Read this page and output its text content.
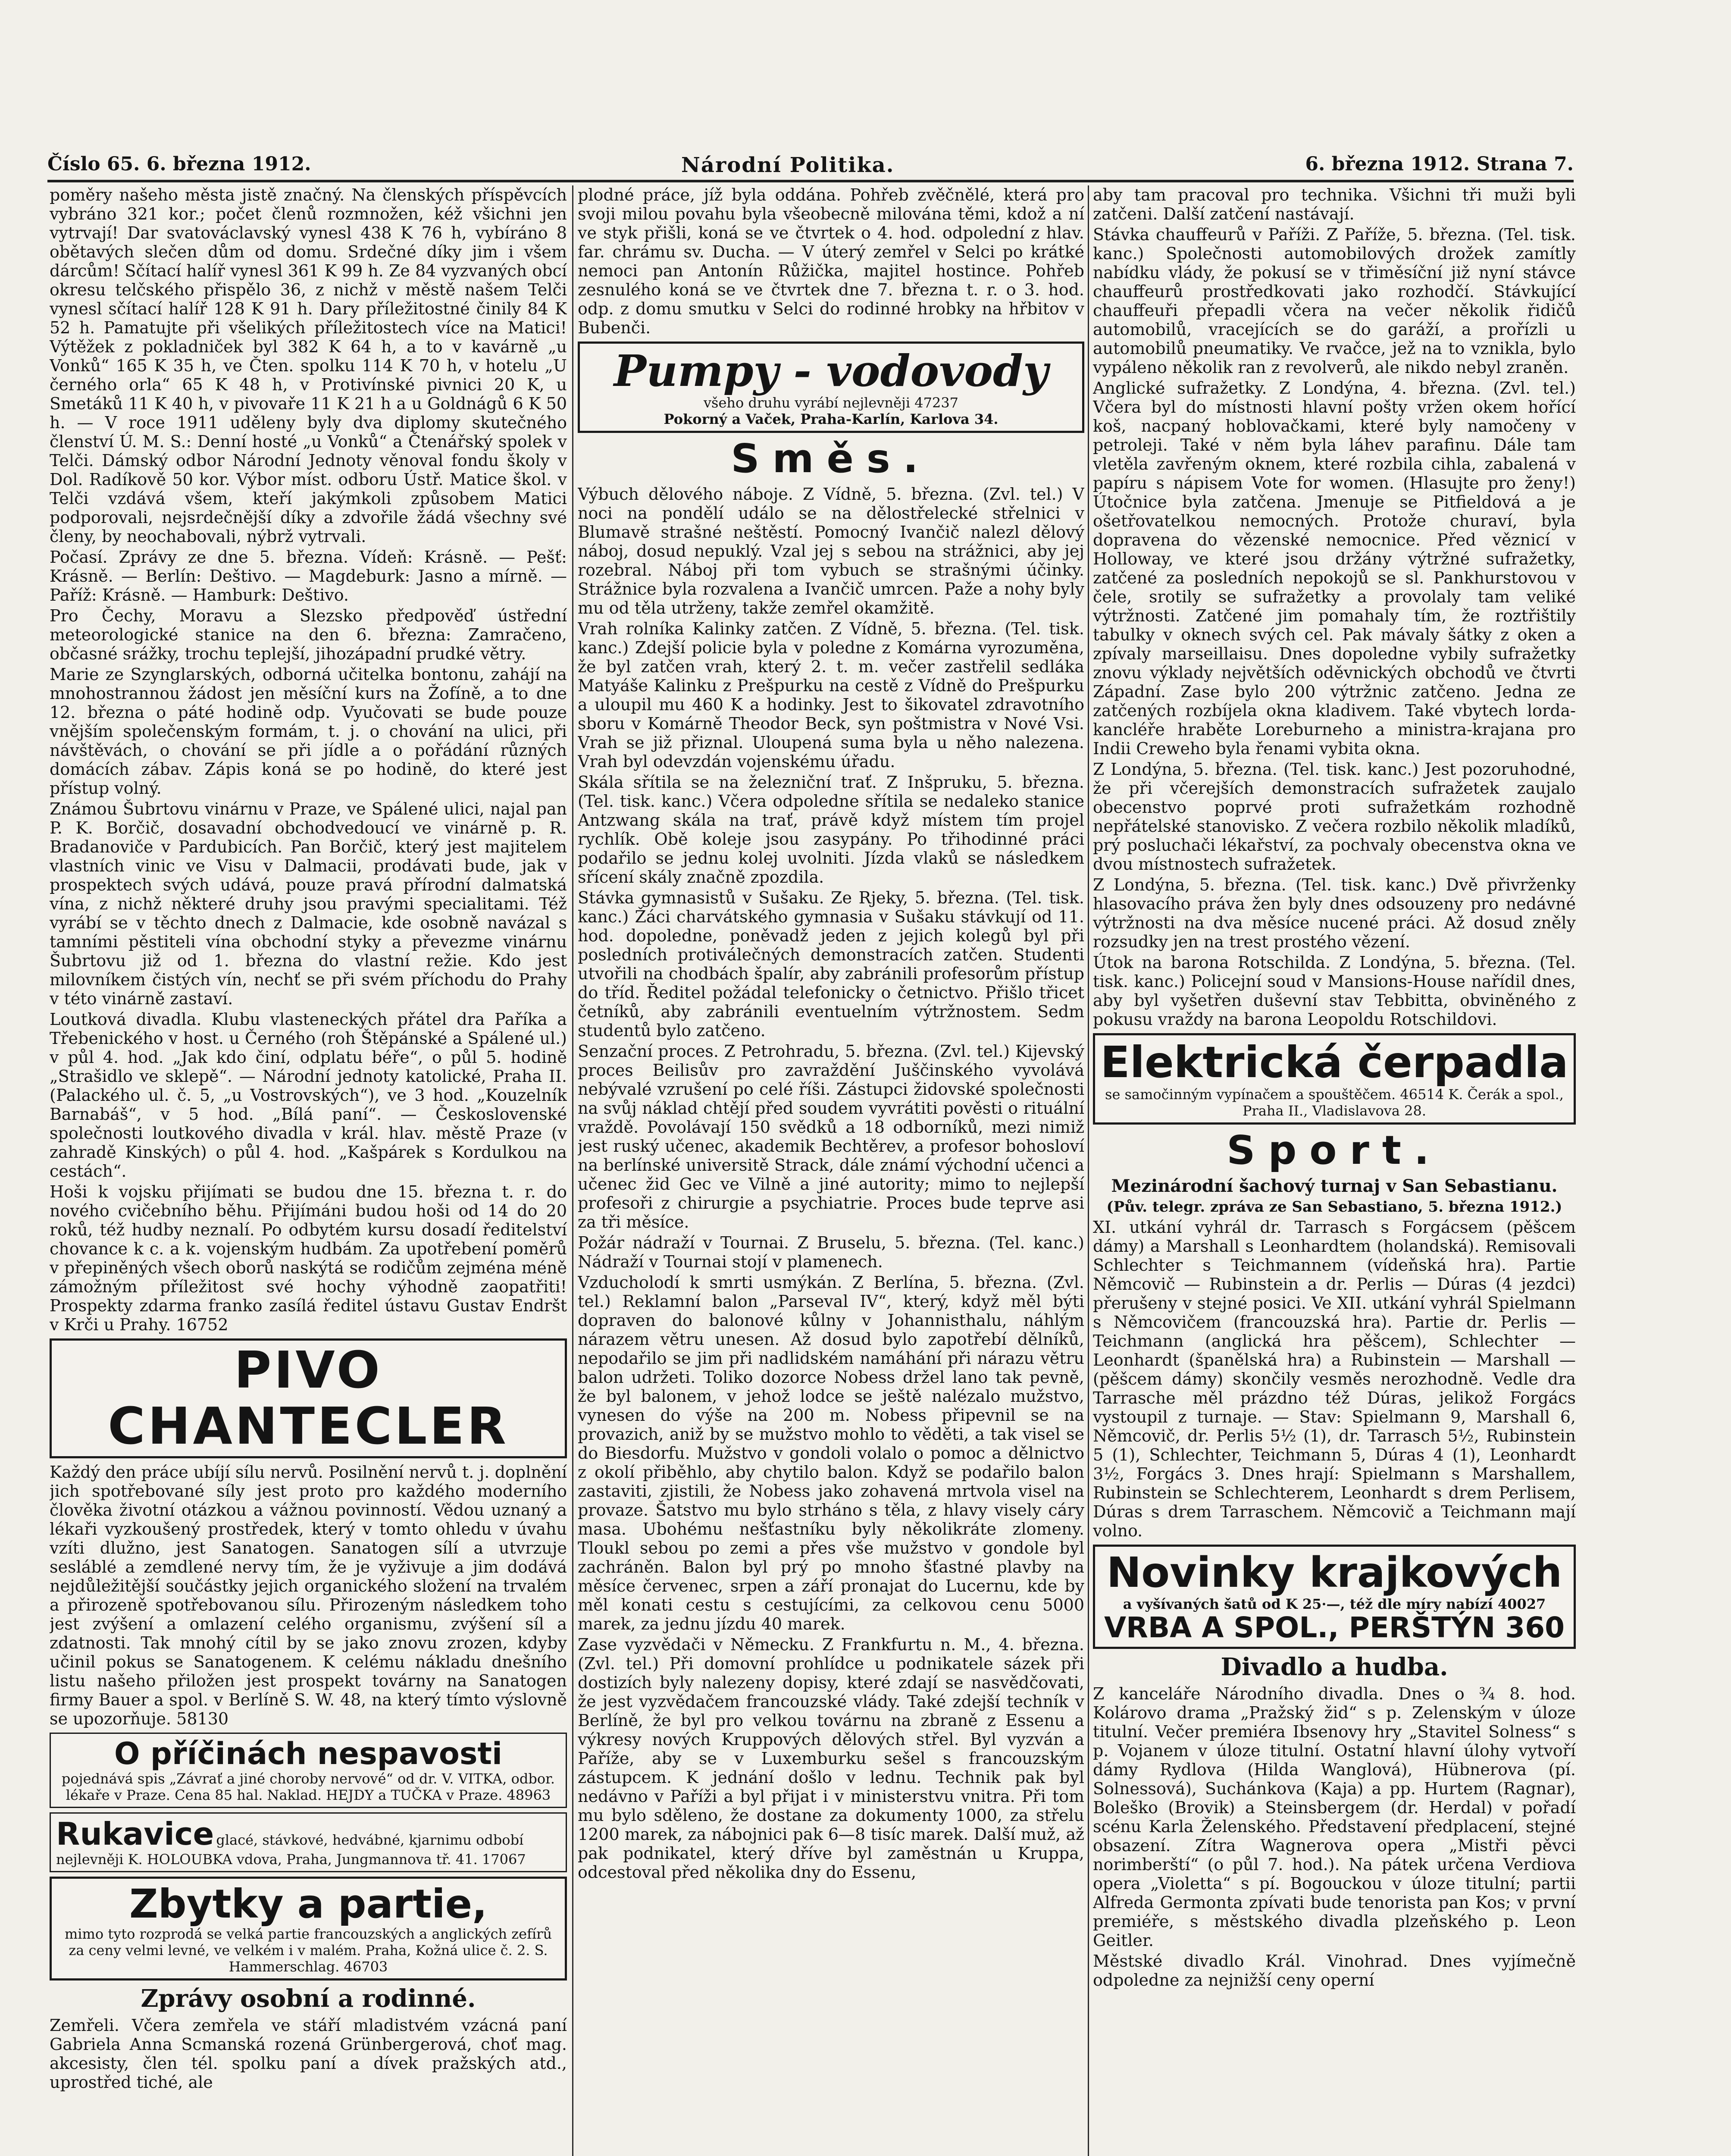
Číslo 65. 6. března 1912.	Národní Politika.	6. března 1912. Strana 7.

poměry našeho města jistě značný. Na členských příspěvcích vybráno 321 kor.; počet členů rozmnožen, kéž všichni jen vytrvají! Dar svatováclavský vynesl 438 K 76 h, vybíráno 8 obětavých slečen dům od domu. Srdečné díky jim i všem dárcům! Sčítací halíř vynesl 361 K 99 h. Ze 84 vyzvaných obcí okresu telčského přispělo 36, z nichž v městě našem Telči vynesl sčítací halíř 128 K 91 h. Dary příležitostné činily 84 K 52 h. Pamatujte při všelikých příležitostech více na Matici! Výtěžek z pokladniček byl 382 K 64 h, a to v kavárně „u Vonků“ 165 K 35 h, ve Čten. spolku 114 K 70 h, v hotelu „U černého orla“ 65 K 48 h, v Protivínské pivnici 20 K, u Smetáků 11 K 40 h, v pivovaře 11 K 21 h a u Goldnágů 6 K 50 h. — V roce 1911 uděleny byly dva diplomy skutečného členství Ú. M. S.: Denní hosté „u Vonků“ a Čtenářský spolek v Telči. Dámský odbor Národní Jednoty věnoval fondu školy v Dol. Radíkově 50 kor. Výbor míst. odboru Ústř. Matice škol. v Telči vzdává všem, kteří jakýmkoli způsobem Matici podporovali, nejsrdečnější díky a zdvořile žádá všechny své členy, by neochabovali, nýbrž vytrvali.

Počasí. Zprávy ze dne 5. března. Vídeň: Krásně. — Pešť: Krásně. — Berlín: Deštivo. — Magdeburk: Jasno a mírně. — Paříž: Krásně. — Hamburk: Deštivo.

Pro Čechy, Moravu a Slezsko předpověď ústřední meteorologické stanice na den 6. března: Zamračeno, občasné srážky, trochu teplejší, jihozápadní prudké větry.

Marie ze Szynglarských, odborná učitelka bontonu, zahájí na mnohostrannou žádost jen měsíční kurs na Žofíně, a to dne 12. března o páté hodině odp. Vyučovati se bude pouze vnějším společenským formám, t. j. o chování na ulici, při návštěvách, o chování se při jídle a o pořádání různých domácích zábav. Zápis koná se po hodině, do které jest přístup volný.

Známou Šubrtovu vinárnu v Praze, ve Spálené ulici, najal pan P. K. Borčič, dosavadní obchodvedoucí ve vinárně p. R. Bradanoviče v Pardubicích. Pan Borčič, který jest majitelem vlastních vinic ve Visu v Dalmacii, prodávati bude, jak v prospektech svých udává, pouze pravá přírodní dalmatská vína, z nichž některé druhy jsou pravými specialitami. Též vyrábí se v těchto dnech z Dalmacie, kde osobně navázal s tamními pěstiteli vína obchodní styky a převezme vinárnu Šubrtovu již od 1. března do vlastní režie. Kdo jest milovníkem čistých vín, nechť se při svém příchodu do Prahy v této vinárně zastaví.

Loutková divadla. Klubu vlasteneckých přátel dra Paříka a Třebenického v host. u Černého (roh Štěpánské a Spálené ul.) v půl 4. hod. „Jak kdo činí, odplatu béře“, o půl 5. hodině „Strašidlo ve sklepě“. — Národní jednoty katolické, Praha II. (Palackého ul. č. 5, „u Vostrovských“), ve 3 hod. „Kouzelník Barnabáš“, v 5 hod. „Bílá paní“. — Československé společnosti loutkového divadla v král. hlav. městě Praze (v zahradě Kinských) o půl 4. hod. „Kašpárek s Kordulkou na cestách“.

Hoši k vojsku přijímati se budou dne 15. března t. r. do nového cvičebního běhu. Přijímáni budou hoši od 14 do 20 roků, též hudby neznalí. Po odbytém kursu dosadí ředitelství chovance k c. a k. vojenským hudbám. Za upotřebení poměrů v přepiněných všech oborů naskýtá se rodičům zejména méně zámožným příležitost své hochy výhodně zaopatřiti! Prospekty zdarma franko zasílá ředitel ústavu Gustav Endršt v Krči u Prahy. 16752

PIVO CHANTECLER

Každý den práce ubíjí sílu nervů. Posilnění nervů t. j. doplnění jich spotřebované síly jest proto pro každého moderního člověka životní otázkou a vážnou povinností. Vědou uznaný a lékaři vyzkoušený prostředek, který v tomto ohledu v úvahu vzíti dlužno, jest Sanatogen. Sanatogen sílí a utvrzuje sesláblé a zemdlené nervy tím, že je vyživuje a jim dodává nejdůležitější součástky jejich organického složení na trvalém a přirozeně spotřebovanou sílu. Přirozeným následkem toho jest zvýšení a omlazení celého organismu, zvýšení síl a zdatnosti. Tak mnohý cítil by se jako znovu zrozen, kdyby učinil pokus se Sanatogenem. K celému nákladu dnešního listu našeho přiložen jest prospekt továrny na Sanatogen firmy Bauer a spol. v Berlíně S. W. 48, na který tímto výslovně se upozorňuje. 58130

O příčinách nespavosti
pojednává spis „Závrať a jiné choroby nervové“ od dr. V. VITKA, odbor. lékaře v Praze. Cena 85 hal. Naklad. HEJDY a TUČKA v Praze. 48963
Rukavice glacé, stávkové, hedvábné, kjarnimu odbobí nejlevněji K. HOLOUBKA vdova, Praha, Jungmannova tř. 41. 17067
Zbytky a partie,
mimo tyto rozprodá se velká partie francouzských a anglických zefírů za ceny velmi levné, ve velkém i v malém. Praha, Kožná ulice č. 2. S. Hammerschlag. 46703
Zprávy osobní a rodinné.

Zemřeli. Včera zemřela ve stáří mladistvém vzácná paní Gabriela Anna Scmanská rozená Grünbergerová, choť mag. akcesisty, člen tél. spolku paní a dívek pražských atd., uprostřed tiché, ale

plodné práce, jíž byla oddána. Pohřeb zvěčnělé, která pro svoji milou povahu byla všeobecně milována těmi, kdož a ní ve styk přišli, koná se ve čtvrtek o 4. hod. odpolední z hlav. far. chrámu sv. Ducha. — V úterý zemřel v Selci po krátké nemoci pan Antonín Růžička, majitel hostince. Pohřeb zesnulého koná se ve čtvrtek dne 7. března t. r. o 3. hod. odp. z domu smutku v Selci do rodinné hrobky na hřbitov v Bubenči.

Pumpy - vodovody
všeho druhu vyrábí nejlevněji 47237
Pokorný a Vaček, Praha-Karlín, Karlova 34.
Směs.

Výbuch dělového náboje. Z Vídně, 5. března. (Zvl. tel.) V noci na pondělí událo se na dělostřelecké střelnici v Blumavě strašné neštěstí. Pomocný Ivančič nalezl dělový náboj, dosud nepuklý. Vzal jej s sebou na strážnici, aby jej rozebral. Náboj při tom vybuch se strašnými účinky. Strážnice byla rozvalena a Ivančič umrcen. Paže a nohy byly mu od těla utrženy, takže zemřel okamžitě.

Vrah rolníka Kalinky zatčen. Z Vídně, 5. března. (Tel. tisk. kanc.) Zdejší policie byla v poledne z Komárna vyrozuměna, že byl zatčen vrah, který 2. t. m. večer zastřelil sedláka Matyáše Kalinku z Prešpurku na cestě z Vídně do Prešpurku a uloupil mu 460 K a hodinky. Jest to šikovatel zdravotního sboru v Komárně Theodor Beck, syn poštmistra v Nové Vsi. Vrah se již přiznal. Uloupená suma byla u něho nalezena. Vrah byl odevzdán vojenskému úřadu.

Skála sřítila se na železniční trať. Z Inšpruku, 5. března. (Tel. tisk. kanc.) Včera odpoledne sřítila se nedaleko stanice Antzwang skála na trať, právě když místem tím projel rychlík. Obě koleje jsou zasypány. Po třihodinné práci podařilo se jednu kolej uvolniti. Jízda vlaků se následkem sřícení skály značně zpozdila.

Stávka gymnasistů v Sušaku. Ze Rjeky, 5. března. (Tel. tisk. kanc.) Žáci charvátského gymnasia v Sušaku stávkují od 11. hod. dopoledne, poněvadž jeden z jejich kolegů byl při posledních protiválečných demonstracích zatčen. Studenti utvořili na chodbách špalír, aby zabránili profesorům přístup do tříd. Ředitel požádal telefonicky o četnictvo. Přišlo třicet četníků, aby zabránili eventuelním výtržnostem. Sedm studentů bylo zatčeno.

Senzační proces. Z Petrohradu, 5. března. (Zvl. tel.) Kijevský proces Beilisův pro zavraždění Juščinského vyvolává nebývalé vzrušení po celé říši. Zástupci židovské společnosti na svůj náklad chtějí před soudem vyvrátiti pověsti o rituální vraždě. Povolávají 150 svědků a 18 odborníků, mezi nimiž jest ruský učenec, akademik Bechtěrev, a profesor bohosloví na berlínské universitě Strack, dále známí východní učenci a učenec žid Gec ve Vilně a jiné autority; mimo to nejlepší profesoři z chirurgie a psychiatrie. Proces bude teprve asi za tři měsíce.

Požár nádraží v Tournai. Z Bruselu, 5. března. (Tel. kanc.) Nádraží v Tournai stojí v plamenech.

Vzducholodí k smrti usmýkán. Z Berlína, 5. března. (Zvl. tel.) Reklamní balon „Parseval IV“, který, když měl býti dopraven do balonové kůlny v Johannisthalu, náhlým nárazem větru unesen. Až dosud bylo zapotřebí dělníků, nepodařilo se jim při nadlidském namáhání při nárazu větru balon udržeti. Toliko dozorce Nobess držel lano tak pevně, že byl balonem, v jehož lodce se ještě nalézalo mužstvo, vynesen do výše na 200 m. Nobess připevnil se na provazich, aniž by se mužstvo mohlo to věděti, a tak visel se do Biesdorfu. Mužstvo v gondoli volalo o pomoc a dělnictvo z okolí přiběhlo, aby chytilo balon. Když se podařilo balon zastaviti, zjistili, že Nobess jako zohavená mrtvola visel na provaze. Šatstvo mu bylo strháno s těla, z hlavy visely cáry masa. Ubohému nešťastníku byly několikráte zlomeny. Tloukl sebou po zemi a přes vše mužstvo v gondole byl zachráněn. Balon byl prý po mnoho šťastné plavby na měsíce červenec, srpen a září pronajat do Lucernu, kde by měl konati cestu s cestujícími, za celkovou cenu 5000 marek, za jednu jízdu 40 marek.

Zase vyzvědači v Německu. Z Frankfurtu n. M., 4. března. (Zvl. tel.) Při domovní prohlídce u podnikatele sázek při dostizích byly nalezeny dopisy, které zdají se nasvědčovati, že jest vyzvědačem francouzské vlády. Také zdejší techník v Berlíně, že byl pro velkou továrnu na zbraně z Essenu a výkresy nových Kruppových dělových střel. Byl vyzván a Paříže, aby se v Luxemburku sešel s francouzským zástupcem. K jednání došlo v lednu. Technik pak byl nedávno v Paříži a byl přijat i v ministerstvu vnitra. Při tom mu bylo sděleno, že dostane za dokumenty 1000, za střelu 1200 marek, za nábojnici pak 6—8 tisíc marek. Další muž, až pak podnikatel, který dříve byl zaměstnán u Kruppa, odcestoval před několika dny do Essenu,

aby tam pracoval pro technika. Všichni tři muži byli zatčeni. Další zatčení nastávají.

Stávka chauffeurů v Paříži. Z Paříže, 5. března. (Tel. tisk. kanc.) Společnosti automobilových drožek zamítly nabídku vlády, že pokusí se v třiměsíční již nyní stávce chauffeurů prostředkovati jako rozhodčí. Stávkující chauffeuři přepadli včera na večer několik řidičů automobilů, vracejících se do garáží, a prořízli u automobilů pneumatiky. Ve rvačce, jež na to vznikla, bylo vypáleno několik ran z revolverů, ale nikdo nebyl zraněn.

Anglické sufražetky. Z Londýna, 4. března. (Zvl. tel.) Včera byl do místnosti hlavní pošty vržen okem hořící koš, nacpaný hoblovačkami, které byly namočeny v petroleji. Také v něm byla láhev parafinu. Dále tam vletěla zavřeným oknem, které rozbila cihla, zabalená v papíru s nápisem Vote for women. (Hlasujte pro ženy!) Útočnice byla zatčena. Jmenuje se Pitfieldová a je ošetřovatelkou nemocných. Protože churaví, byla dopravena do vězenské nemocnice. Před věznicí v Holloway, ve které jsou držány výtržné sufražetky, zatčené za posledních nepokojů se sl. Pankhurstovou v čele, srotily se sufražetky a provolaly tam veliké výtržnosti. Zatčené jim pomahaly tím, že roztřištily tabulky v oknech svých cel. Pak mávaly šátky z oken a zpívaly marseillaisu. Dnes dopoledne vybily sufražetky znovu výklady největších oděvnických obchodů ve čtvrti Západní. Zase bylo 200 výtržnic zatčeno. Jedna ze zatčených rozbíjela okna kladivem. Také vbytech lorda-kancléře hraběte Loreburneho a ministra-krajana pro Indii Creweho byla řenami vybita okna.

Z Londýna, 5. března. (Tel. tisk. kanc.) Jest pozoruhodné, že při včerejších demonstracích sufražetek zaujalo obecenstvo poprvé proti sufražetkám rozhodně nepřátelské stanovisko. Z večera rozbilo několik mladíků, prý posluchači lékařství, za pochvaly obecenstva okna ve dvou místnostech sufražetek.

Z Londýna, 5. března. (Tel. tisk. kanc.) Dvě přivrženky hlasovacího práva žen byly dnes odsouzeny pro nedávné výtržnosti na dva měsíce nucené práci. Až dosud zněly rozsudky jen na trest prostého vězení.

Útok na barona Rotschilda. Z Londýna, 5. března. (Tel. tisk. kanc.) Policejní soud v Mansions-House nařídil dnes, aby byl vyšetřen duševní stav Tebbitta, obviněného z pokusu vraždy na barona Leopoldu Rotschildovi.

Elektrická čerpadla
se samočinným vypínačem a spouštěčem. 46514 K. Čerák a spol., Praha II., Vladislavova 28.
Sport.
Mezinárodní šachový turnaj v San Sebastianu.
(Pův. telegr. zpráva ze San Sebastiano, 5. března 1912.)

XI. utkání vyhrál dr. Tarrasch s Forgácsem (pěšcem dámy) a Marshall s Leonhardtem (holandská). Remisovali Schlechter s Teichmannem (vídeňská hra). Partie Němcovič — Rubinstein a dr. Perlis — Dúras (4 jezdci) přerušeny v stejné posici. Ve XII. utkání vyhrál Spielmann s Němcovičem (francouzská hra). Partie dr. Perlis — Teichmann (anglická hra pěšcem), Schlechter — Leonhardt (španělská hra) a Rubinstein — Marshall — (pěšcem dámy) skončily vesměs nerozhodně. Vedle dra Tarrasche měl prázdno též Dúras, jelikož Forgács vystoupil z turnaje. — Stav: Spielmann 9, Marshall 6, Němcovič, dr. Perlis 5½ (1), dr. Tarrasch 5½, Rubinstein 5 (1), Schlechter, Teichmann 5, Dúras 4 (1), Leonhardt 3½, Forgács 3. Dnes hrají: Spielmann s Marshallem, Rubinstein se Schlechterem, Leonhardt s drem Perlisem, Dúras s drem Tarraschem. Němcovič a Teichmann mají volno.

Novinky krajkových
a vyšívaných šatů od K 25·—, též dle míry nabízí 40027
VRBA A SPOL., PERŠTÝN 360
Divadlo a hudba.

Z kanceláře Národního divadla. Dnes o ¾ 8. hod. Kolárovo drama „Pražský žid“ s p. Zelenským v úloze titulní. Večer premiéra Ibsenovy hry „Stavitel Solness“ s p. Vojanem v úloze titulní. Ostatní hlavní úlohy vytvoří dámy Rydlova (Hilda Wanglová), Hübnerova (pí. Solnessová), Suchánkova (Kaja) a pp. Hurtem (Ragnar), Boleško (Brovik) a Steinsbergem (dr. Herdal) v pořadí scénu Karla Želenského. Představení předplacení, stejné obsazení. Zítra Wagnerova opera „Mistři pěvci norimberští“ (o půl 7. hod.). Na pátek určena Verdiova opera „Violetta“ s pí. Bogouckou v úloze titulní; partii Alfreda Germonta zpívati bude tenorista pan Kos; v první premiéře, s městského divadla plzeňského p. Leon Geitler.

Městské divadlo Král. Vinohrad. Dnes vyjímečně odpoledne za nejnižší ceny operní
